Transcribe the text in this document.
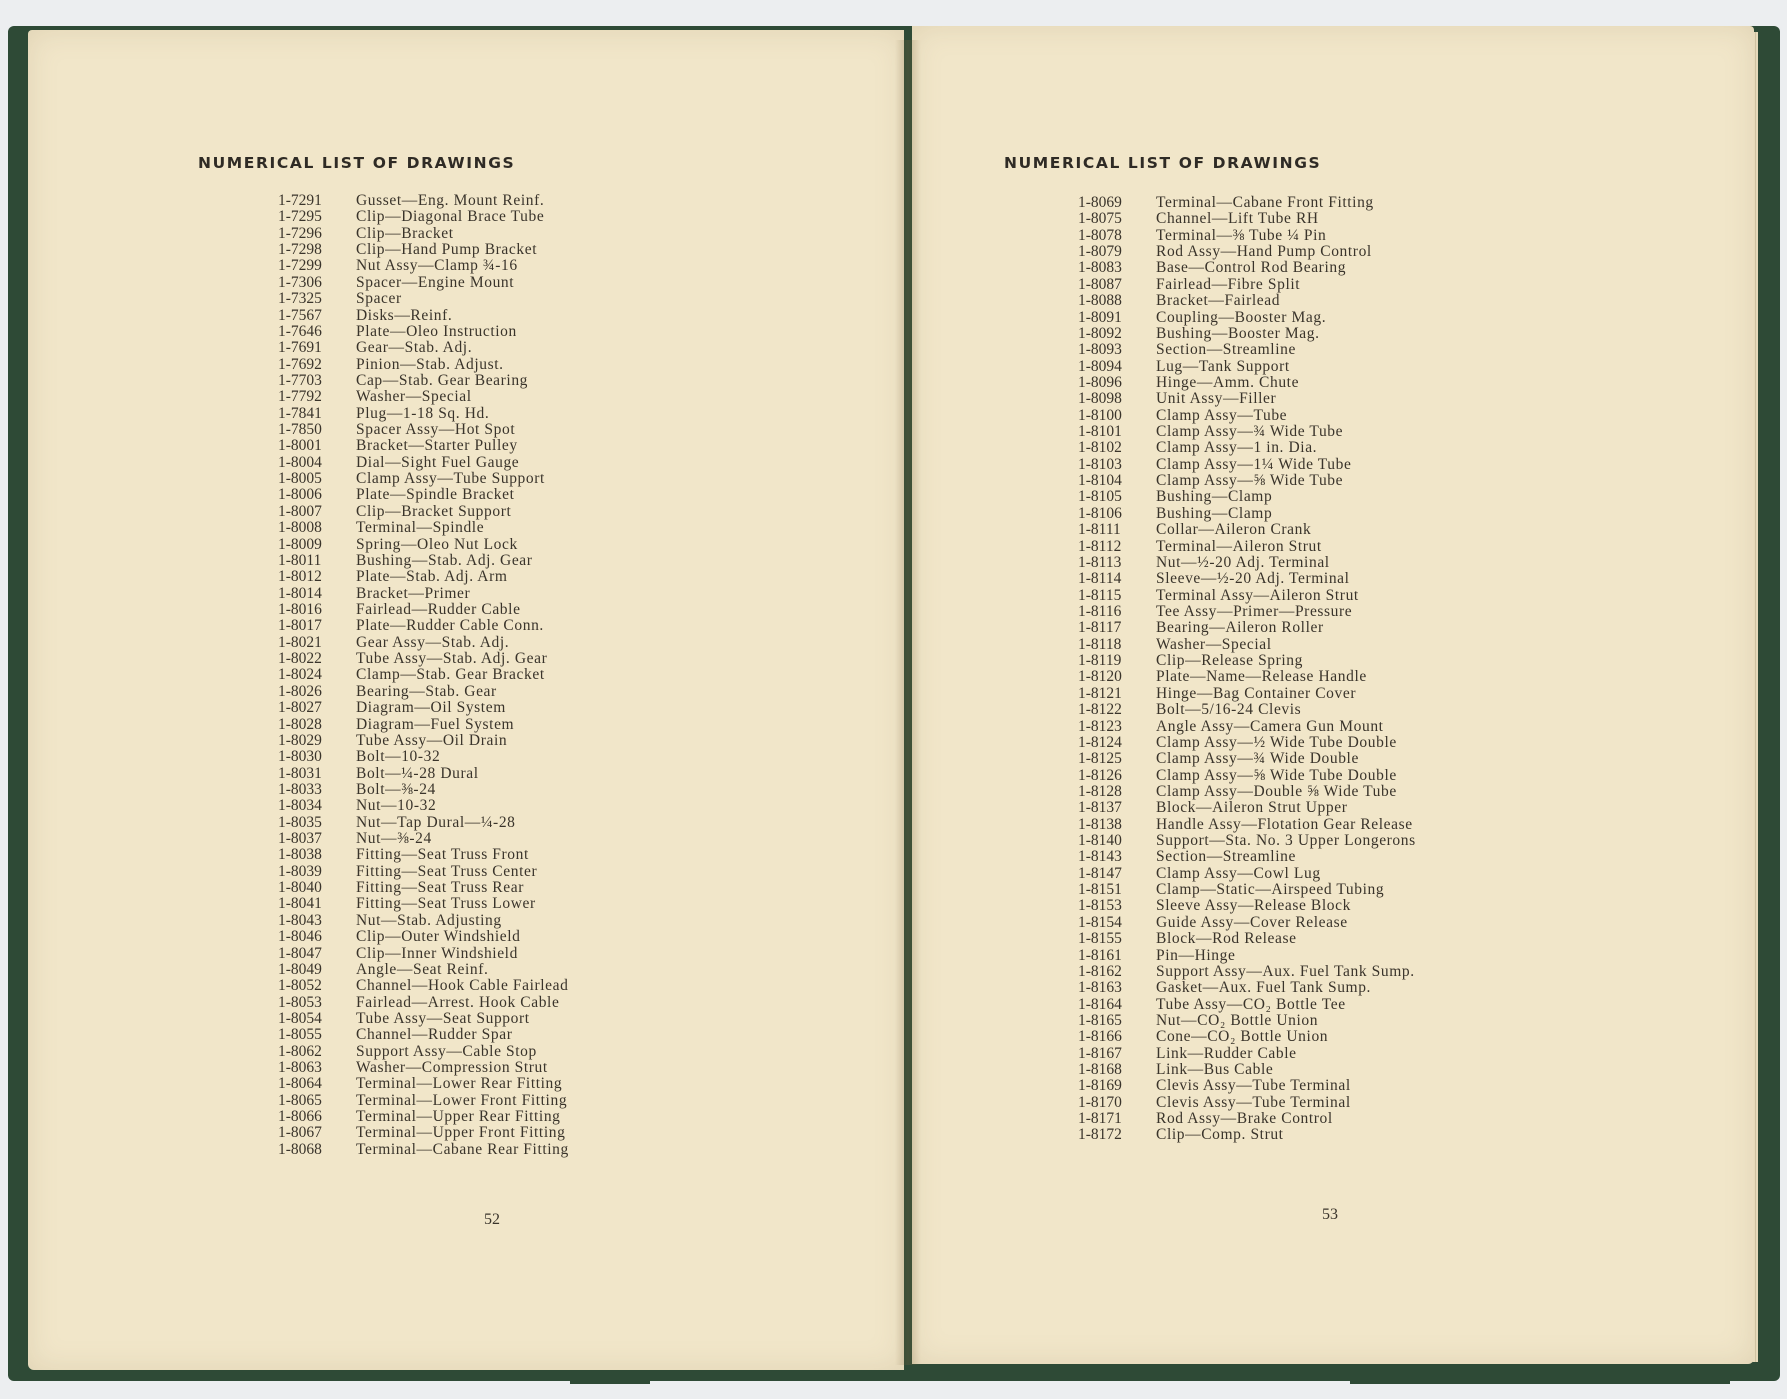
NUMERICAL LIST OF DRAWINGS
1-7291	Gusset—Eng. Mount Reinf.
1-7295	Clip—Diagonal Brace Tube
1-7296	Clip—Bracket
1-7298	Clip—Hand Pump Bracket
1-7299	Nut Assy—Clamp ¾-16
1-7306	Spacer—Engine Mount
1-7325	Spacer
1-7567	Disks—Reinf.
1-7646	Plate—Oleo Instruction
1-7691	Gear—Stab. Adj.
1-7692	Pinion—Stab. Adjust.
1-7703	Cap—Stab. Gear Bearing
1-7792	Washer—Special
1-7841	Plug—1-18 Sq. Hd.
1-7850	Spacer Assy—Hot Spot
1-8001	Bracket—Starter Pulley
1-8004	Dial—Sight Fuel Gauge
1-8005	Clamp Assy—Tube Support
1-8006	Plate—Spindle Bracket
1-8007	Clip—Bracket Support
1-8008	Terminal—Spindle
1-8009	Spring—Oleo Nut Lock
1-8011	Bushing—Stab. Adj. Gear
1-8012	Plate—Stab. Adj. Arm
1-8014	Bracket—Primer
1-8016	Fairlead—Rudder Cable
1-8017	Plate—Rudder Cable Conn.
1-8021	Gear Assy—Stab. Adj.
1-8022	Tube Assy—Stab. Adj. Gear
1-8024	Clamp—Stab. Gear Bracket
1-8026	Bearing—Stab. Gear
1-8027	Diagram—Oil System
1-8028	Diagram—Fuel System
1-8029	Tube Assy—Oil Drain
1-8030	Bolt—10-32
1-8031	Bolt—¼-28 Dural
1-8033	Bolt—⅜-24
1-8034	Nut—10-32
1-8035	Nut—Tap Dural—¼-28
1-8037	Nut—⅜-24
1-8038	Fitting—Seat Truss Front
1-8039	Fitting—Seat Truss Center
1-8040	Fitting—Seat Truss Rear
1-8041	Fitting—Seat Truss Lower
1-8043	Nut—Stab. Adjusting
1-8046	Clip—Outer Windshield
1-8047	Clip—Inner Windshield
1-8049	Angle—Seat Reinf.
1-8052	Channel—Hook Cable Fairlead
1-8053	Fairlead—Arrest. Hook Cable
1-8054	Tube Assy—Seat Support
1-8055	Channel—Rudder Spar
1-8062	Support Assy—Cable Stop
1-8063	Washer—Compression Strut
1-8064	Terminal—Lower Rear Fitting
1-8065	Terminal—Lower Front Fitting
1-8066	Terminal—Upper Rear Fitting
1-8067	Terminal—Upper Front Fitting
1-8068	Terminal—Cabane Rear Fitting
52
NUMERICAL LIST OF DRAWINGS
1-8069	Terminal—Cabane Front Fitting
1-8075	Channel—Lift Tube RH
1-8078	Terminal—⅜ Tube ¼ Pin
1-8079	Rod Assy—Hand Pump Control
1-8083	Base—Control Rod Bearing
1-8087	Fairlead—Fibre Split
1-8088	Bracket—Fairlead
1-8091	Coupling—Booster Mag.
1-8092	Bushing—Booster Mag.
1-8093	Section—Streamline
1-8094	Lug—Tank Support
1-8096	Hinge—Amm. Chute
1-8098	Unit Assy—Filler
1-8100	Clamp Assy—Tube
1-8101	Clamp Assy—¾ Wide Tube
1-8102	Clamp Assy—1 in. Dia.
1-8103	Clamp Assy—1¼ Wide Tube
1-8104	Clamp Assy—⅝ Wide Tube
1-8105	Bushing—Clamp
1-8106	Bushing—Clamp
1-8111	Collar—Aileron Crank
1-8112	Terminal—Aileron Strut
1-8113	Nut—½-20 Adj. Terminal
1-8114	Sleeve—½-20 Adj. Terminal
1-8115	Terminal Assy—Aileron Strut
1-8116	Tee Assy—Primer—Pressure
1-8117	Bearing—Aileron Roller
1-8118	Washer—Special
1-8119	Clip—Release Spring
1-8120	Plate—Name—Release Handle
1-8121	Hinge—Bag Container Cover
1-8122	Bolt—5/16-24 Clevis
1-8123	Angle Assy—Camera Gun Mount
1-8124	Clamp Assy—½ Wide Tube Double
1-8125	Clamp Assy—¾ Wide Double
1-8126	Clamp Assy—⅝ Wide Tube Double
1-8128	Clamp Assy—Double ⅝ Wide Tube
1-8137	Block—Aileron Strut Upper
1-8138	Handle Assy—Flotation Gear Release
1-8140	Support—Sta. No. 3 Upper Longerons
1-8143	Section—Streamline
1-8147	Clamp Assy—Cowl Lug
1-8151	Clamp—Static—Airspeed Tubing
1-8153	Sleeve Assy—Release Block
1-8154	Guide Assy—Cover Release
1-8155	Block—Rod Release
1-8161	Pin—Hinge
1-8162	Support Assy—Aux. Fuel Tank Sump.
1-8163	Gasket—Aux. Fuel Tank Sump.
1-8164	Tube Assy—CO₂ Bottle Tee
1-8165	Nut—CO₂ Bottle Union
1-8166	Cone—CO₂ Bottle Union
1-8167	Link—Rudder Cable
1-8168	Link—Bus Cable
1-8169	Clevis Assy—Tube Terminal
1-8170	Clevis Assy—Tube Terminal
1-8171	Rod Assy—Brake Control
1-8172	Clip—Comp. Strut
53
